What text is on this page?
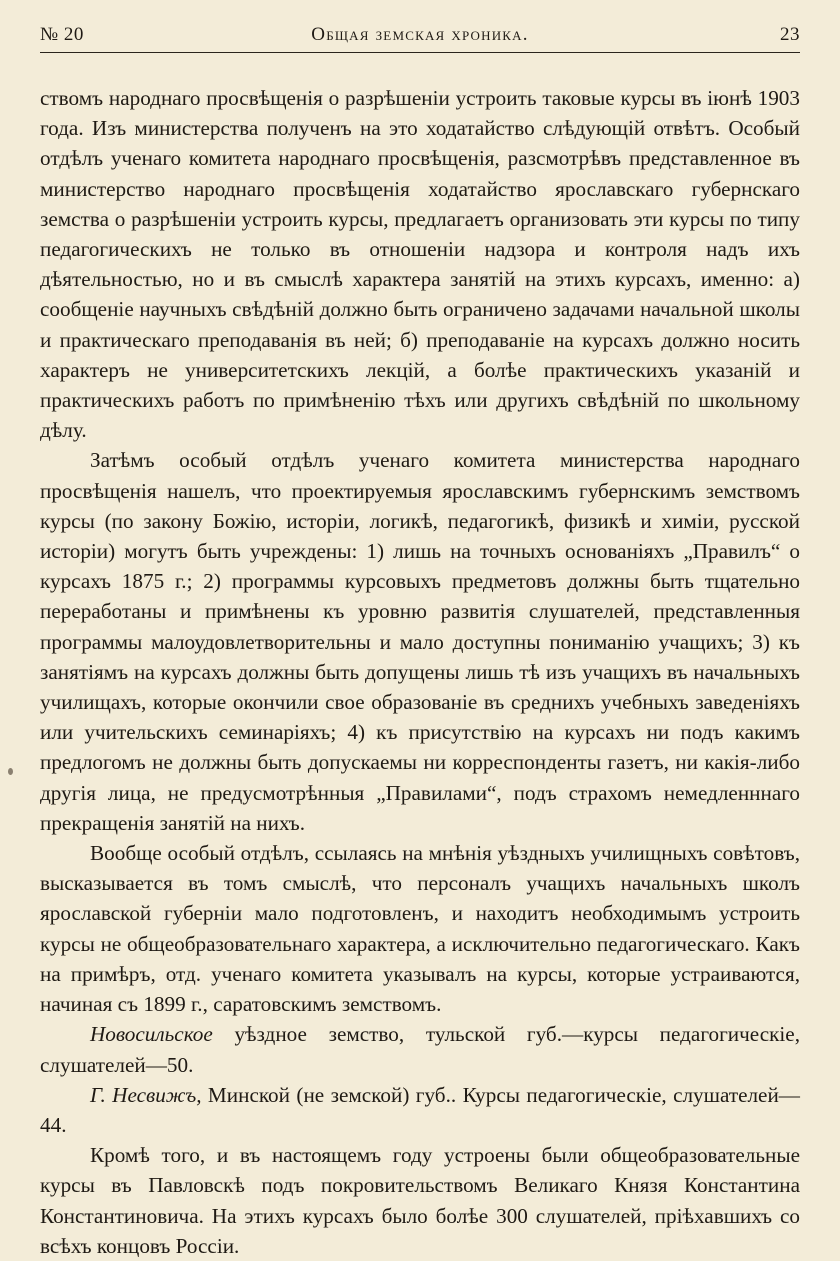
№ 20	Общая земская хроника.	23

ствомъ народнаго просвѣщенія о разрѣшеніи устроить таковые курсы въ іюнѣ 1903 года. Изъ министерства полученъ на это ходатайство слѣдующій отвѣтъ. Особый отдѣлъ ученаго комитета народнаго просвѣщенія, разсмотрѣвъ представленное въ министерство народнаго просвѣщенія ходатайство ярославскаго губернскаго земства о разрѣшеніи устроить курсы, предлагаетъ организовать эти курсы по типу педагогическихъ не только въ отношеніи надзора и контроля надъ ихъ дѣятельностью, но и въ смыслѣ характера занятій на этихъ курсахъ, именно: а) сообщеніе научныхъ свѣдѣній должно быть ограничено задачами начальной школы и практическаго преподаванія въ ней; б) преподаваніе на курсахъ должно носить характеръ не университетскихъ лекцій, а болѣе практическихъ указаній и практическихъ работъ по примѣненію тѣхъ или другихъ свѣдѣній по школьному дѣлу.

Затѣмъ особый отдѣлъ ученаго комитета министерства народнаго просвѣщенія нашелъ, что проектируемыя ярославскимъ губернскимъ земствомъ курсы (по закону Божію, исторіи, логикѣ, педагогикѣ, физикѣ и химіи, русской исторіи) могутъ быть учреждены: 1) лишь на точныхъ основаніяхъ „Правилъ“ о курсахъ 1875 г.; 2) программы курсовыхъ предметовъ должны быть тщательно переработаны и примѣнены къ уровню развитія слушателей, представленныя программы малоудовлетворительны и мало доступны пониманію учащихъ; 3) къ занятіямъ на курсахъ должны быть допущены лишь тѣ изъ учащихъ въ начальныхъ училищахъ, которые окончили свое образованіе въ среднихъ учебныхъ заведеніяхъ или учительскихъ семинаріяхъ; 4) къ присутствію на курсахъ ни подъ какимъ предлогомъ не должны быть допускаемы ни корреспонденты газетъ, ни какія-либо другія лица, не предусмотрѣнныя „Правилами“, подъ страхомъ немедленннаго прекращенія занятій на нихъ.

Вообще особый отдѣлъ, ссылаясь на мнѣнія уѣздныхъ училищныхъ совѣтовъ, высказывается въ томъ смыслѣ, что персоналъ учащихъ начальныхъ школъ ярославской губерніи мало подготовленъ, и находитъ необходимымъ устроить курсы не общеобразовательнаго характера, а исключительно педагогическаго. Какъ на примѣръ, отд. ученаго комитета указывалъ на курсы, которые устраиваются, начиная съ 1899 г., саратовскимъ земствомъ.

Новосильское уѣздное земство, тульской губ.—курсы педагогическіе, слушателей—50.

Г. Несвижъ, Минской (не земской) губ.. Курсы педагогическіе, слушателей—44.

Кромѣ того, и въ настоящемъ году устроены были общеобразовательные курсы въ Павловскѣ подъ покровительствомъ Великаго Князя Константина Константиновича. На этихъ курсахъ было болѣе 300 слушателей, пріѣхавшихъ со всѣхъ концовъ Россіи.
